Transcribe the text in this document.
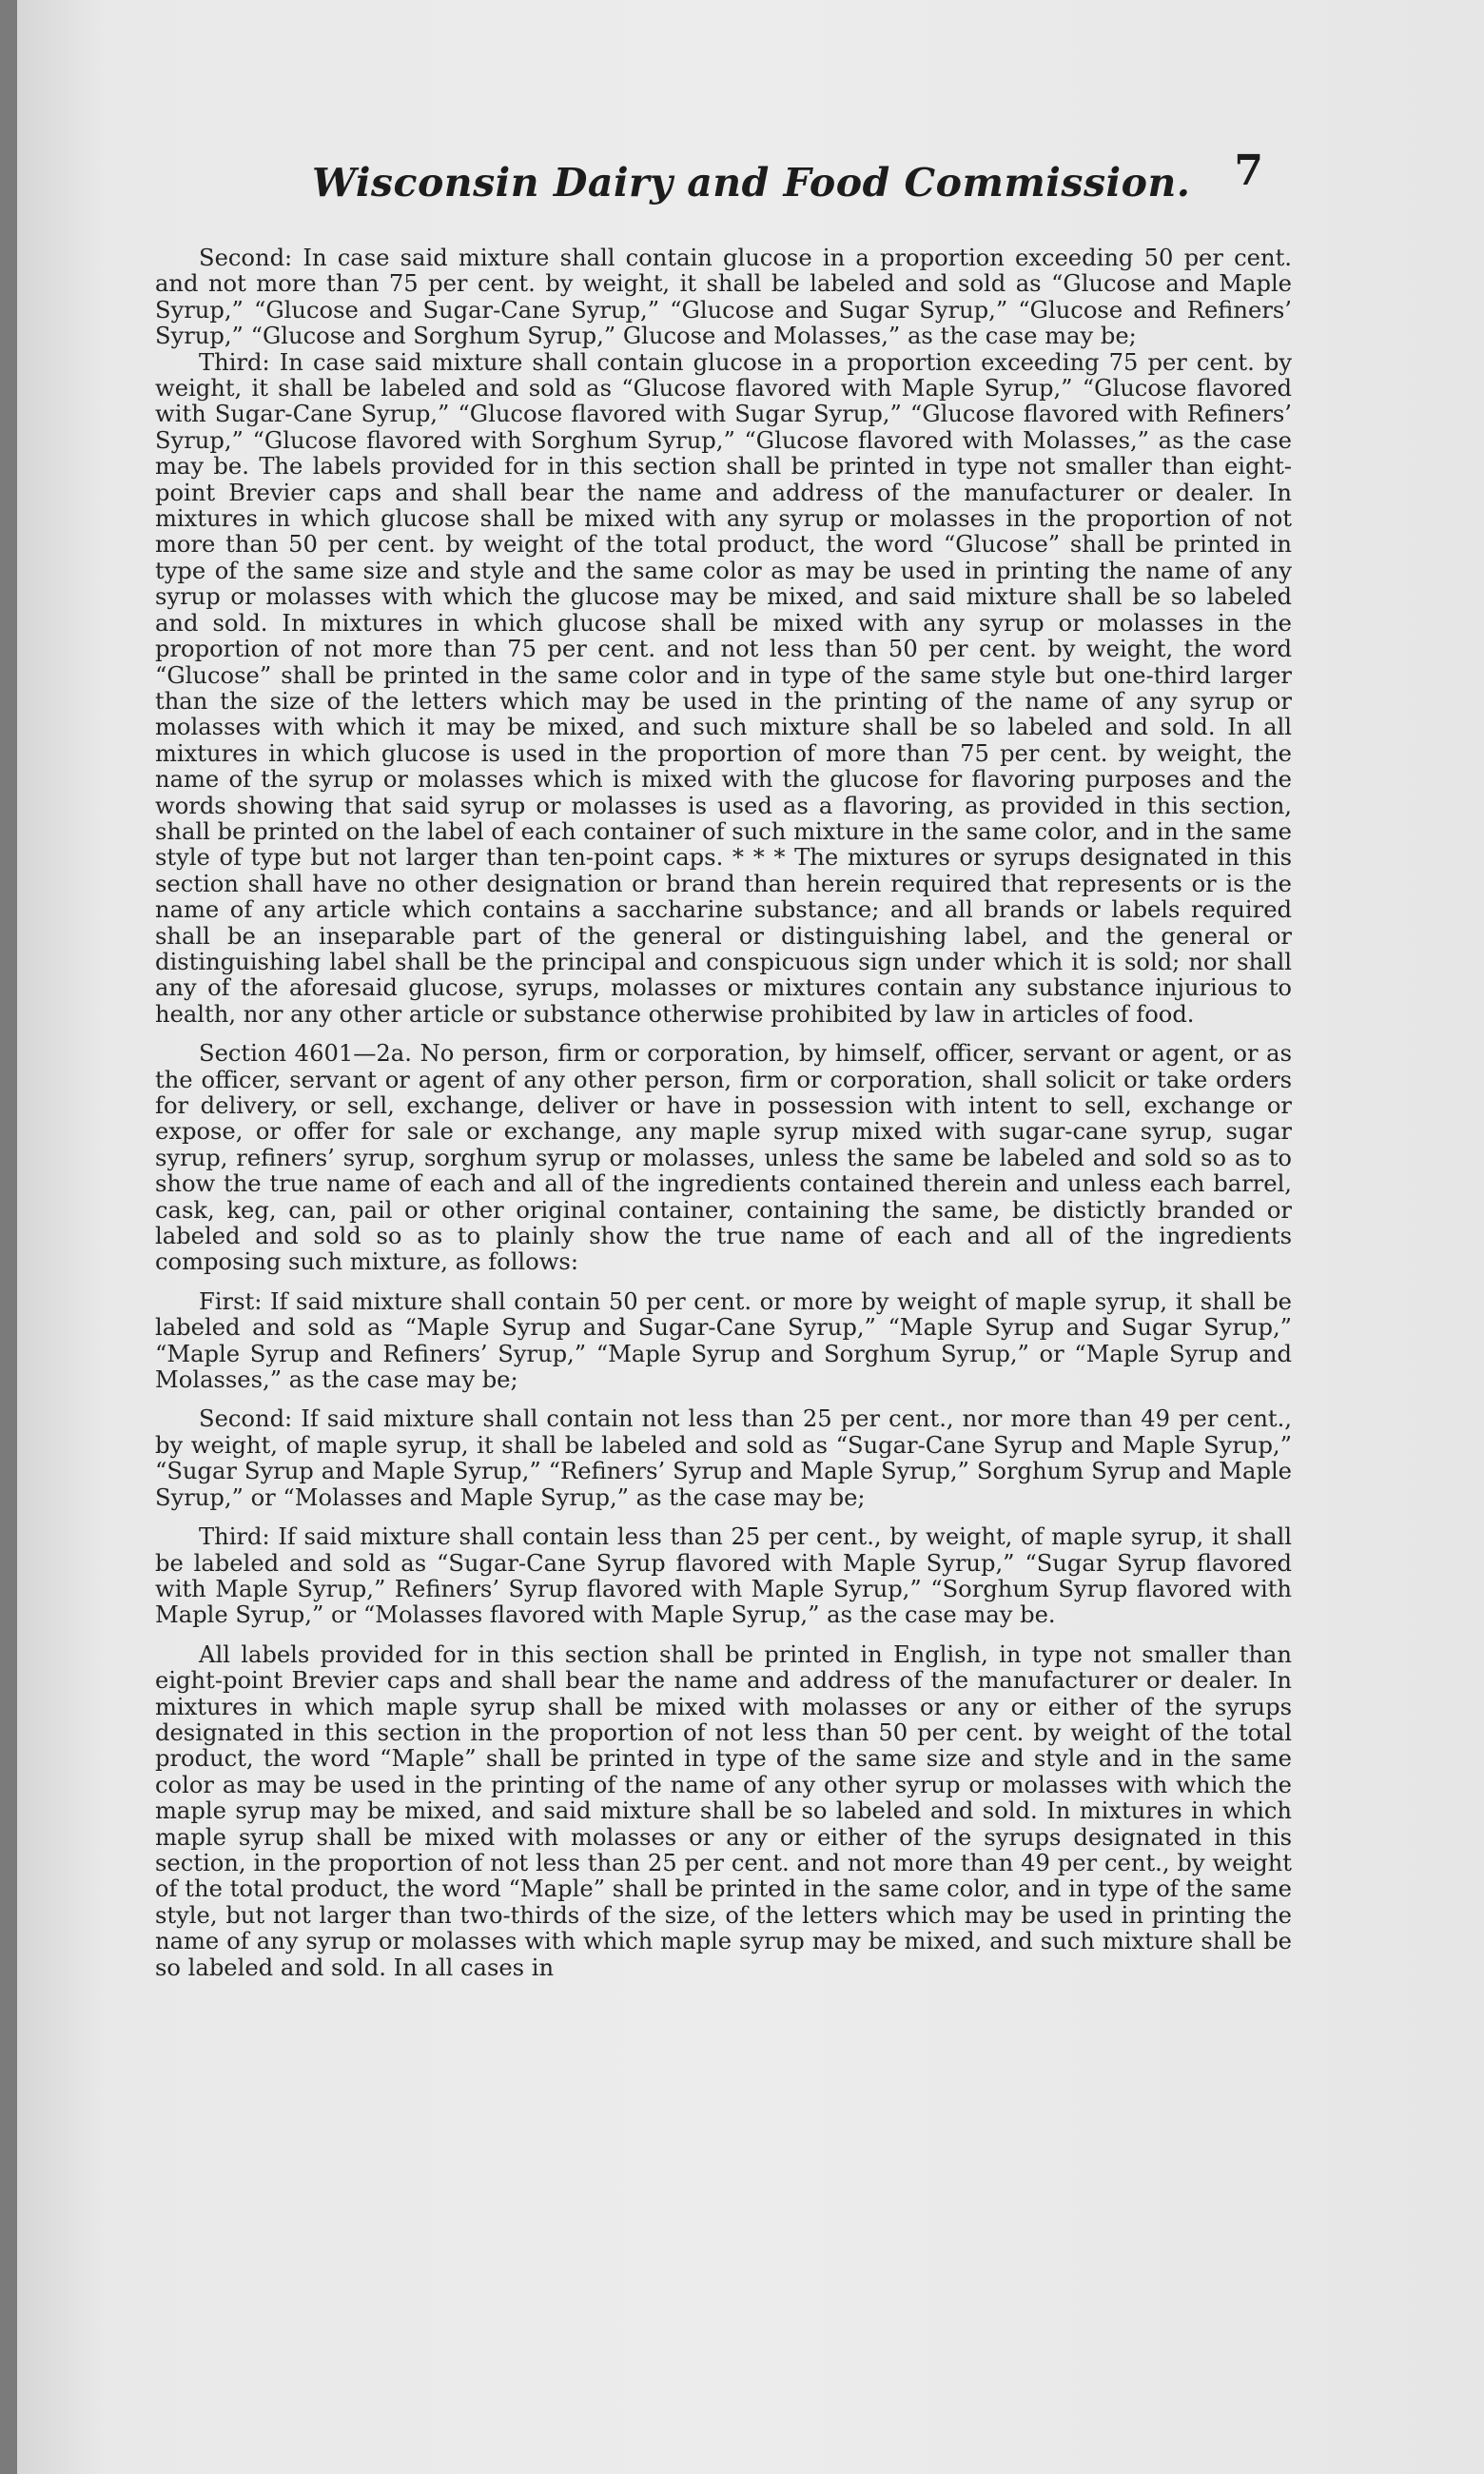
Wisconsin Dairy and Food Commission. 7

Second: In case said mixture shall contain glucose in a proportion exceeding 50 per cent. and not more than 75 per cent. by weight, it shall be labeled and sold as “Glucose and Maple Syrup,” “Glucose and Sugar-Cane Syrup,” “Glucose and Sugar Syrup,” “Glucose and Refiners’ Syrup,” “Glucose and Sorghum Syrup,” Glucose and Molasses,” as the case may be;

Third: In case said mixture shall contain glucose in a proportion exceeding 75 per cent. by weight, it shall be labeled and sold as “Glucose flavored with Maple Syrup,” “Glucose flavored with Sugar-Cane Syrup,” “Glucose flavored with Sugar Syrup,” “Glucose flavored with Refiners’ Syrup,” “Glucose flavored with Sorghum Syrup,” “Glucose flavored with Molasses,” as the case may be. The labels provided for in this section shall be printed in type not smaller than eight-point Brevier caps and shall bear the name and address of the manufacturer or dealer. In mixtures in which glucose shall be mixed with any syrup or molasses in the proportion of not more than 50 per cent. by weight of the total product, the word “Glucose” shall be printed in type of the same size and style and the same color as may be used in printing the name of any syrup or molasses with which the glucose may be mixed, and said mixture shall be so labeled and sold. In mixtures in which glucose shall be mixed with any syrup or molasses in the proportion of not more than 75 per cent. and not less than 50 per cent. by weight, the word “Glucose” shall be printed in the same color and in type of the same style but one-third larger than the size of the letters which may be used in the printing of the name of any syrup or molasses with which it may be mixed, and such mixture shall be so labeled and sold. In all mixtures in which glucose is used in the proportion of more than 75 per cent. by weight, the name of the syrup or molasses which is mixed with the glucose for flavoring purposes and the words showing that said syrup or molasses is used as a flavoring, as provided in this section, shall be printed on the label of each container of such mixture in the same color, and in the same style of type but not larger than ten-point caps. * * * The mixtures or syrups designated in this section shall have no other designation or brand than herein required that represents or is the name of any article which contains a saccharine substance; and all brands or labels required shall be an inseparable part of the general or distinguishing label, and the general or distinguishing label shall be the principal and conspicuous sign under which it is sold; nor shall any of the aforesaid glucose, syrups, molasses or mixtures contain any substance injurious to health, nor any other article or substance otherwise prohibited by law in articles of food.

Section 4601—2a. No person, firm or corporation, by himself, officer, servant or agent, or as the officer, servant or agent of any other person, firm or corporation, shall solicit or take orders for delivery, or sell, exchange, deliver or have in possession with intent to sell, exchange or expose, or offer for sale or exchange, any maple syrup mixed with sugar-cane syrup, sugar syrup, refiners’ syrup, sorghum syrup or molasses, unless the same be labeled and sold so as to show the true name of each and all of the ingredients contained therein and unless each barrel, cask, keg, can, pail or other original container, containing the same, be distictly branded or labeled and sold so as to plainly show the true name of each and all of the ingredients composing such mixture, as follows:

First: If said mixture shall contain 50 per cent. or more by weight of maple syrup, it shall be labeled and sold as “Maple Syrup and Sugar-Cane Syrup,” “Maple Syrup and Sugar Syrup,” “Maple Syrup and Refiners’ Syrup,” “Maple Syrup and Sorghum Syrup,” or “Maple Syrup and Molasses,” as the case may be;

Second: If said mixture shall contain not less than 25 per cent., nor more than 49 per cent., by weight, of maple syrup, it shall be labeled and sold as “Sugar-Cane Syrup and Maple Syrup,” “Sugar Syrup and Maple Syrup,” “Refiners’ Syrup and Maple Syrup,” Sorghum Syrup and Maple Syrup,” or “Molasses and Maple Syrup,” as the case may be;

Third: If said mixture shall contain less than 25 per cent., by weight, of maple syrup, it shall be labeled and sold as “Sugar-Cane Syrup flavored with Maple Syrup,” “Sugar Syrup flavored with Maple Syrup,” Refiners’ Syrup flavored with Maple Syrup,” “Sorghum Syrup flavored with Maple Syrup,” or “Molasses flavored with Maple Syrup,” as the case may be.

All labels provided for in this section shall be printed in English, in type not smaller than eight-point Brevier caps and shall bear the name and address of the manufacturer or dealer. In mixtures in which maple syrup shall be mixed with molasses or any or either of the syrups designated in this section in the proportion of not less than 50 per cent. by weight of the total product, the word “Maple” shall be printed in type of the same size and style and in the same color as may be used in the printing of the name of any other syrup or molasses with which the maple syrup may be mixed, and said mixture shall be so labeled and sold. In mixtures in which maple syrup shall be mixed with molasses or any or either of the syrups designated in this section, in the proportion of not less than 25 per cent. and not more than 49 per cent., by weight of the total product, the word “Maple” shall be printed in the same color, and in type of the same style, but not larger than two-thirds of the size, of the letters which may be used in printing the name of any syrup or molasses with which maple syrup may be mixed, and such mixture shall be so labeled and sold. In all cases in
